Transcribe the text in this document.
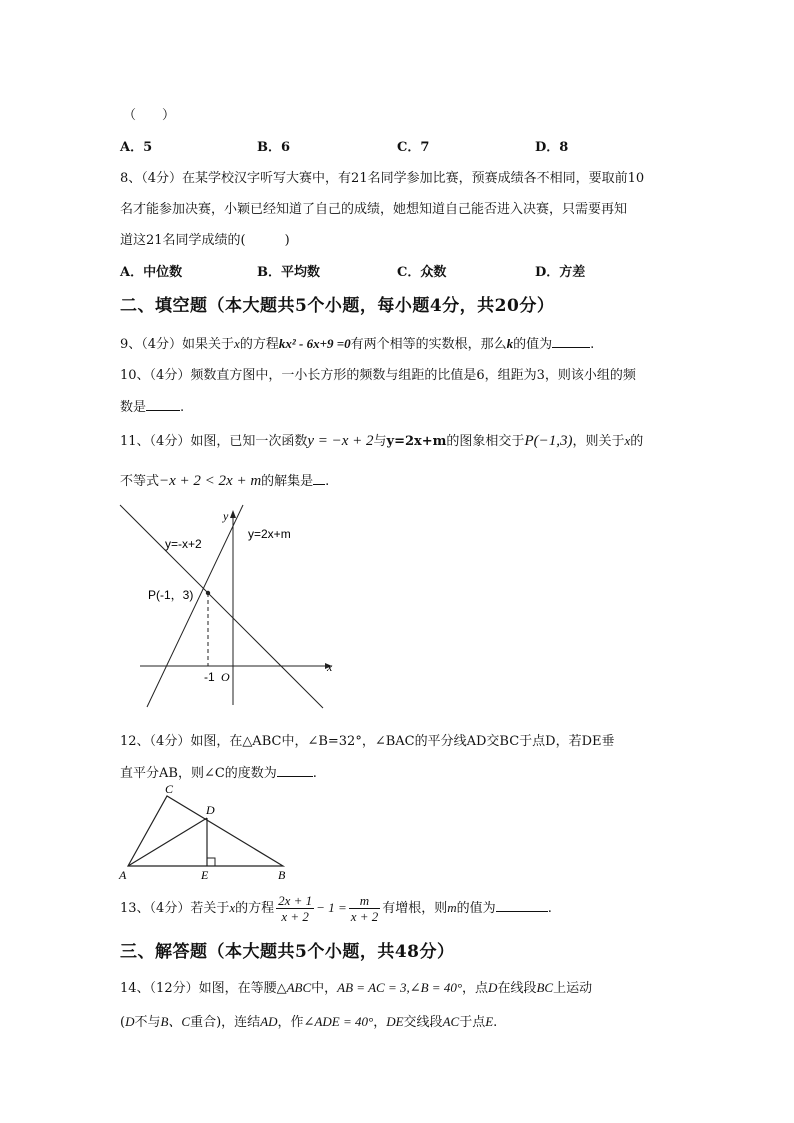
（　　）
A．5	B．6	C．7	D．8
8、（4分）在某学校汉字听写大赛中，有21名同学参加比赛，预赛成绩各不相同，要取前10
名才能参加决赛，小颖已经知道了自己的成绩，她想知道自己能否进入决赛，只需要再知
道这21名同学成绩的(　　　)
A．中位数	B．平均数	C．众数	D．方差
二、填空题（本大题共5个小题，每小题4分，共20分）
9、（4分）如果关于x的方程kx² - 6x+9 =0有两个相等的实数根，那么k的值为	.
10、（4分）频数直方图中，一小长方形的频数与组距的比值是6，组距为3，则该小组的频
数是	.
11、（4分）如图，已知一次函数y = −x + 2与y=2x+m的图象相交于P(−1,3)，则关于x的
不等式−x + 2 < 2x + m的解集是 .
y=-x+2
y=2x+m
P(-1，3)
x
y
O
-1
12、（4分）如图，在△ABC中，∠B=32°，∠BAC的平分线AD交BC于点D，若DE垂
直平分AB，则∠C的度数为	.
C
D
A	E	B
13、（4分）若关于x的方程 $\frac{2x + 1}{x + 2} - 1 = \frac{m}{x + 2}$ 有增根，则m的值为	.
三、解答题（本大题共5个小题，共48分）
14、（12分）如图，在等腰△ABC中，AB = AC = 3,∠B = 40°，点D在线段BC上运动
(D不与B、C重合)，连结AD，作∠ADE = 40°，DE交线段AC于点E.
